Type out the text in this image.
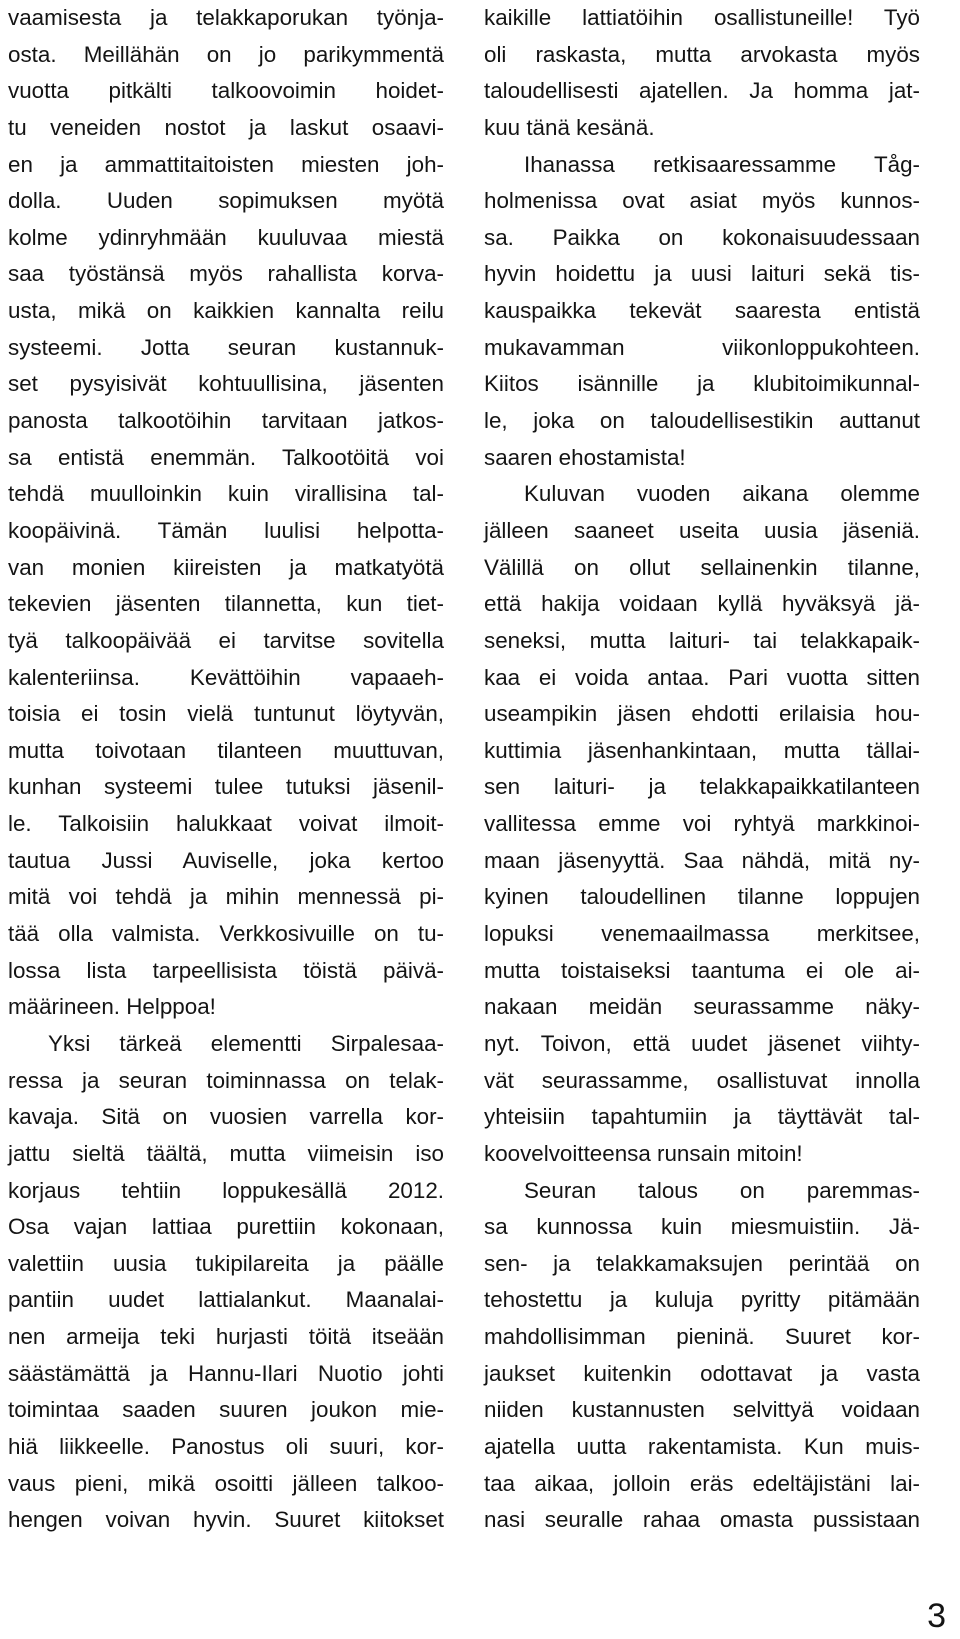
vaamisesta ja telakkaporukan työnja-
osta. Meillähän on jo parikymmentä
vuotta pitkälti talkoovoimin hoidet-
tu veneiden nostot ja laskut osaavi-
en ja ammattitaitoisten miesten joh-
dolla. Uuden sopimuksen myötä
kolme ydinryhmään kuuluvaa miestä
saa työstänsä myös rahallista korva-
usta, mikä on kaikkien kannalta reilu
systeemi. Jotta seuran kustannuk-
set pysyisivät kohtuullisina, jäsenten
panosta talkootöihin tarvitaan jatkos-
sa entistä enemmän. Talkootöitä voi
tehdä muulloinkin kuin virallisina tal-
koopäivinä. Tämän luulisi helpotta-
van monien kiireisten ja matkatyötä
tekevien jäsenten tilannetta, kun tiet-
tyä talkoopäivää ei tarvitse sovitella
kalenteriinsa. Kevättöihin vapaaeh-
toisia ei tosin vielä tuntunut löytyvän,
mutta toivotaan tilanteen muuttuvan,
kunhan systeemi tulee tutuksi jäsenil-
le. Talkoisiin halukkaat voivat ilmoit-
tautua Jussi Auviselle, joka kertoo
mitä voi tehdä ja mihin mennessä pi-
tää olla valmista. Verkkosivuille on tu-
lossa lista tarpeellisista töistä päivä-
määrineen. Helppoa!
Yksi tärkeä elementti Sirpalesaa-
ressa ja seuran toiminnassa on telak-
kavaja. Sitä on vuosien varrella kor-
jattu sieltä täältä, mutta viimeisin iso
korjaus tehtiin loppukesällä 2012.
Osa vajan lattiaa purettiin kokonaan,
valettiin uusia tukipilareita ja päälle
pantiin uudet lattialankut. Maanalai-
nen armeija teki hurjasti töitä itseään
säästämättä ja Hannu-Ilari Nuotio johti
toimintaa saaden suuren joukon mie-
hiä liikkeelle. Panostus oli suuri, kor-
vaus pieni, mikä osoitti jälleen talkoo-
hengen voivan hyvin. Suuret kiitokset
kaikille lattiatöihin osallistuneille! Työ
oli raskasta, mutta arvokasta myös
taloudellisesti ajatellen. Ja homma jat-
kuu tänä kesänä.
Ihanassa retkisaaressamme Tåg-
holmenissa ovat asiat myös kunnos-
sa. Paikka on kokonaisuudessaan
hyvin hoidettu ja uusi laituri sekä tis-
kauspaikka tekevät saaresta entistä
mukavamman viikonloppukohteen.
Kiitos isännille ja klubitoimikunnal-
le, joka on taloudellisestikin auttanut
saaren ehostamista!
Kuluvan vuoden aikana olemme
jälleen saaneet useita uusia jäseniä.
Välillä on ollut sellainenkin tilanne,
että hakija voidaan kyllä hyväksyä jä-
seneksi, mutta laituri- tai telakkapaik-
kaa ei voida antaa. Pari vuotta sitten
useampikin jäsen ehdotti erilaisia hou-
kuttimia jäsenhankintaan, mutta tällai-
sen laituri- ja telakkapaikkatilanteen
vallitessa emme voi ryhtyä markkinoi-
maan jäsenyyttä. Saa nähdä, mitä ny-
kyinen taloudellinen tilanne loppujen
lopuksi venemaailmassa merkitsee,
mutta toistaiseksi taantuma ei ole ai-
nakaan meidän seurassamme näky-
nyt. Toivon, että uudet jäsenet viihty-
vät seurassamme, osallistuvat innolla
yhteisiin tapahtumiin ja täyttävät tal-
koovelvoitteensa runsain mitoin!
Seuran talous on paremmas-
sa kunnossa kuin miesmuistiin. Jä-
sen- ja telakkamaksujen perintää on
tehostettu ja kuluja pyritty pitämään
mahdollisimman pieninä. Suuret kor-
jaukset kuitenkin odottavat ja vasta
niiden kustannusten selvittyä voidaan
ajatella uutta rakentamista. Kun muis-
taa aikaa, jolloin eräs edeltäjistäni lai-
nasi seuralle rahaa omasta pussistaan
3
